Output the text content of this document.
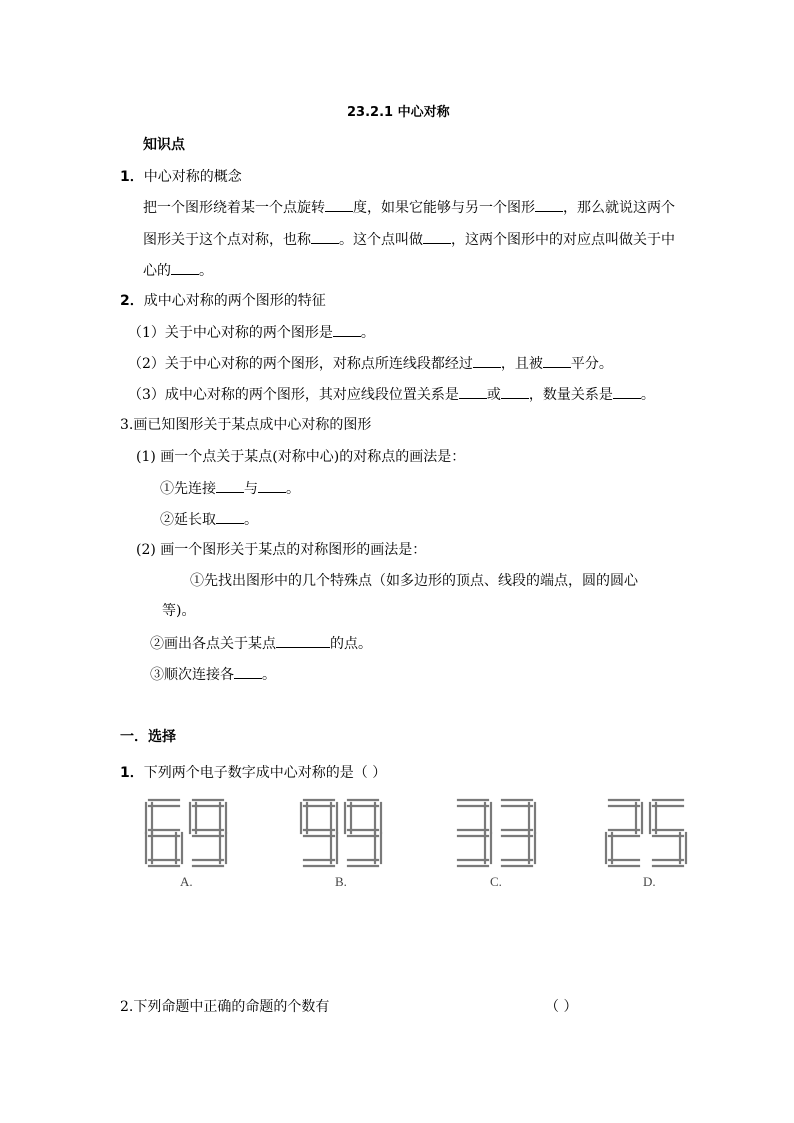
23.2.1 中心对称
知识点
1．中心对称的概念
把一个图形绕着某一个点旋转 度，如果它能够与另一个图形 ，那么就说这两个
图形关于这个点对称，也称 。这个点叫做 ，这两个图形中的对应点叫做关于中
心的 。
2．成中心对称的两个图形的特征
（1）关于中心对称的两个图形是 。
（2）关于中心对称的两个图形，对称点所连线段都经过 ，且被 平分。
（3）成中心对称的两个图形，其对应线段位置关系是 或 ，数量关系是 。
3.画已知图形关于某点成中心对称的图形
(1) 画一个点关于某点(对称中心)的对称点的画法是：
①先连接 与 。
②延长取 。
(2) 画一个图形关于某点的对称图形的画法是：
①先找出图形中的几个特殊点（如多边形的顶点、线段的端点，圆的圆心
等)。
②画出各点关于某点	的点。
③顺次连接各 。
一．选择
1．下列两个电子数字成中心对称的是（ ）
A.	B.	C.	D.
2.下列命题中正确的命题的个数有	（ ）
